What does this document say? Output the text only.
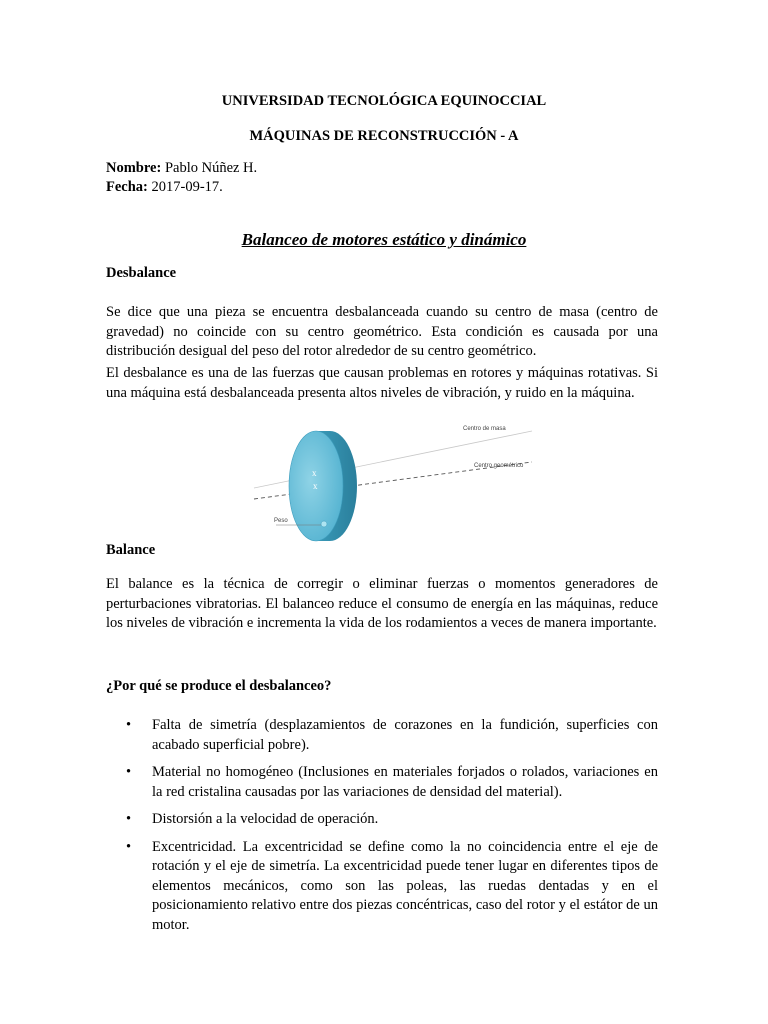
UNIVERSIDAD TECNOLÓGICA EQUINOCCIAL
MÁQUINAS DE RECONSTRUCCIÓN - A
Nombre: Pablo Núñez H.
Fecha: 2017-09-17.
Balanceo de motores estático y dinámico
Desbalance
Se dice que una pieza se encuentra desbalanceada cuando su centro de masa (centro de gravedad) no coincide con su centro geométrico. Esta condición es causada por una distribución desigual del peso del rotor alrededor de su centro geométrico.
El desbalance es una de las fuerzas que causan problemas en rotores y máquinas rotativas. Si una máquina está desbalanceada presenta altos niveles de vibración, y ruido en la máquina.
x
x
Centro de masa
Centro geométrico
Peso
Balance
El balance es la técnica de corregir o eliminar fuerzas o momentos generadores de perturbaciones vibratorias. El balanceo reduce el consumo de energía en las máquinas, reduce los niveles de vibración e incrementa la vida de los rodamientos a veces de manera importante.
¿Por qué se produce el desbalanceo?
• Falta de simetría (desplazamientos de corazones en la fundición, superficies con acabado superficial pobre).
• Material no homogéneo (Inclusiones en materiales forjados o rolados, variaciones en la red cristalina causadas por las variaciones de densidad del material).
• Distorsión a la velocidad de operación.
• Excentricidad. La excentricidad se define como la no coincidencia entre el eje de rotación y el eje de simetría. La excentricidad puede tener lugar en diferentes tipos de elementos mecánicos, como son las poleas, las ruedas dentadas y en el posicionamiento relativo entre dos piezas concéntricas, caso del rotor y el estátor de un motor.
